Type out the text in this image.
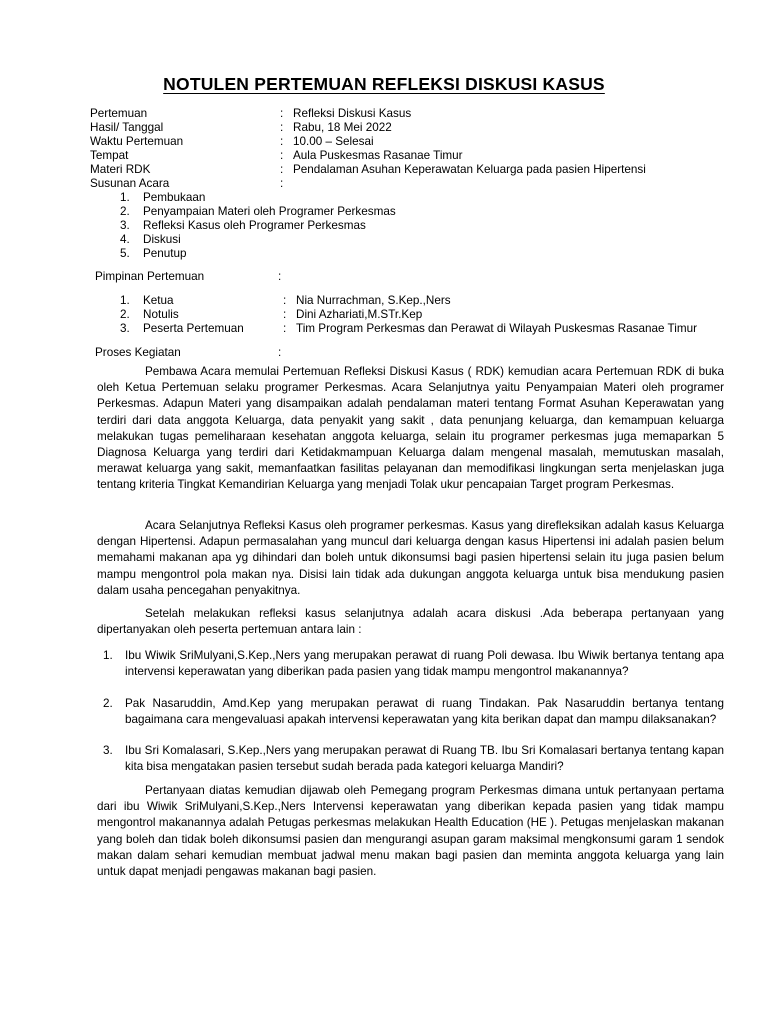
NOTULEN PERTEMUAN REFLEKSI DISKUSI KASUS
Pertemuan	: Refleksi Diskusi Kasus
Hasil/ Tanggal	: Rabu, 18 Mei 2022
Waktu Pertemuan	: 10.00 – Selesai
Tempat	: Aula Puskesmas Rasanae Timur
Materi RDK	: Pendalaman Asuhan Keperawatan Keluarga pada pasien Hipertensi
Susunan Acara	:
1. Pembukaan
2. Penyampaian Materi oleh Programer Perkesmas
3. Refleksi Kasus oleh Programer Perkesmas
4. Diskusi
5. Penutup
Pimpinan Pertemuan	:
1. Ketua	: Nia Nurrachman, S.Kep.,Ners
2. Notulis	: Dini Azhariati,M.STr.Kep
3. Peserta Pertemuan	: Tim Program Perkesmas dan Perawat di Wilayah Puskesmas Rasanae Timur
Proses Kegiatan	:

Pembawa Acara memulai Pertemuan Refleksi Diskusi Kasus ( RDK) kemudian acara Pertemuan RDK di buka oleh Ketua Pertemuan selaku programer Perkesmas. Acara Selanjutnya yaitu Penyampaian Materi oleh programer Perkesmas. Adapun Materi yang disampaikan adalah pendalaman materi tentang Format Asuhan Keperawatan yang terdiri dari data anggota Keluarga, data penyakit yang sakit , data penunjang keluarga, dan kemampuan keluarga melakukan tugas pemeliharaan kesehatan anggota keluarga, selain itu programer perkesmas juga memaparkan 5 Diagnosa Keluarga yang terdiri dari Ketidakmampuan Keluarga dalam mengenal masalah, memutuskan masalah, merawat keluarga yang sakit, memanfaatkan fasilitas pelayanan dan memodifikasi lingkungan serta menjelaskan juga tentang kriteria Tingkat Kemandirian Keluarga yang menjadi Tolak ukur pencapaian Target program Perkesmas.

Acara Selanjutnya Refleksi Kasus oleh programer perkesmas. Kasus yang direfleksikan adalah kasus Keluarga dengan Hipertensi. Adapun permasalahan yang muncul dari keluarga dengan kasus Hipertensi ini adalah pasien belum memahami makanan apa yg dihindari dan boleh untuk dikonsumsi bagi pasien hipertensi selain itu juga pasien belum mampu mengontrol pola makan nya. Disisi lain tidak ada dukungan anggota keluarga untuk bisa mendukung pasien dalam usaha pencegahan penyakitnya.

Setelah melakukan refleksi kasus selanjutnya adalah acara diskusi .Ada beberapa pertanyaan yang dipertanyakan oleh peserta pertemuan antara lain :

1. Ibu Wiwik SriMulyani,S.Kep.,Ners yang merupakan perawat di ruang Poli dewasa. Ibu Wiwik bertanya tentang apa intervensi keperawatan yang diberikan pada pasien yang tidak mampu mengontrol makanannya?
2. Pak Nasaruddin, Amd.Kep yang merupakan perawat di ruang Tindakan. Pak Nasaruddin bertanya tentang bagaimana cara mengevaluasi apakah intervensi keperawatan yang kita berikan dapat dan mampu dilaksanakan?
3. Ibu Sri Komalasari, S.Kep.,Ners yang merupakan perawat di Ruang TB. Ibu Sri Komalasari bertanya tentang kapan kita bisa mengatakan pasien tersebut sudah berada pada kategori keluarga Mandiri?

Pertanyaan diatas kemudian dijawab oleh Pemegang program Perkesmas dimana untuk pertanyaan pertama dari ibu Wiwik SriMulyani,S.Kep.,Ners Intervensi keperawatan yang diberikan kepada pasien yang tidak mampu mengontrol makanannya adalah Petugas perkesmas melakukan Health Education (HE ). Petugas menjelaskan makanan yang boleh dan tidak boleh dikonsumsi pasien dan mengurangi asupan garam maksimal mengkonsumi garam 1 sendok makan dalam sehari kemudian membuat jadwal menu makan bagi pasien dan meminta anggota keluarga yang lain untuk dapat menjadi pengawas makanan bagi pasien.
